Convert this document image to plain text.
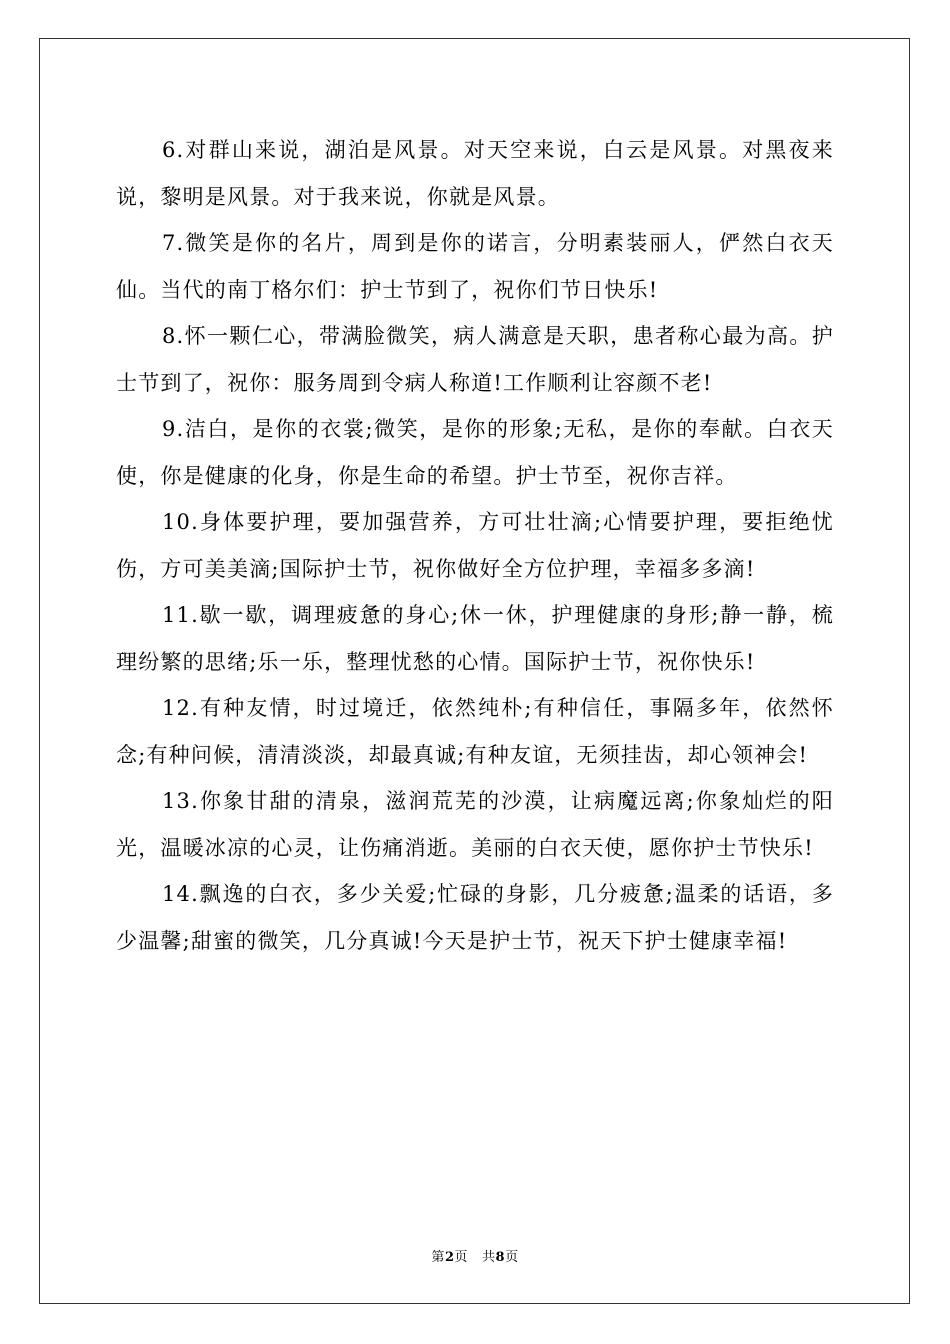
6.对群山来说，湖泊是风景。对天空来说，白云是风景。对黑夜来说，黎明是风景。对于我来说，你就是风景。

7.微笑是你的名片，周到是你的诺言，分明素装丽人，俨然白衣天仙。当代的南丁格尔们：护士节到了，祝你们节日快乐!

8.怀一颗仁心，带满脸微笑，病人满意是天职，患者称心最为高。护士节到了，祝你：服务周到令病人称道!工作顺利让容颜不老!

9.洁白，是你的衣裳;微笑，是你的形象;无私，是你的奉献。白衣天使，你是健康的化身，你是生命的希望。护士节至，祝你吉祥。

10.身体要护理，要加强营养，方可壮壮滴;心情要护理，要拒绝忧伤，方可美美滴;国际护士节，祝你做好全方位护理，幸福多多滴!

11.歇一歇，调理疲惫的身心;休一休，护理健康的身形;静一静，梳理纷繁的思绪;乐一乐，整理忧愁的心情。国际护士节，祝你快乐!

12.有种友情，时过境迁，依然纯朴;有种信任，事隔多年，依然怀念;有种问候，清清淡淡，却最真诚;有种友谊，无须挂齿，却心领神会!

13.你象甘甜的清泉，滋润荒芜的沙漠，让病魔远离;你象灿烂的阳光，温暖冰凉的心灵，让伤痛消逝。美丽的白衣天使，愿你护士节快乐!

14.飘逸的白衣，多少关爱;忙碌的身影，几分疲惫;温柔的话语，多少温馨;甜蜜的微笑，几分真诚!今天是护士节，祝天下护士健康幸福!

第2页 共8页
